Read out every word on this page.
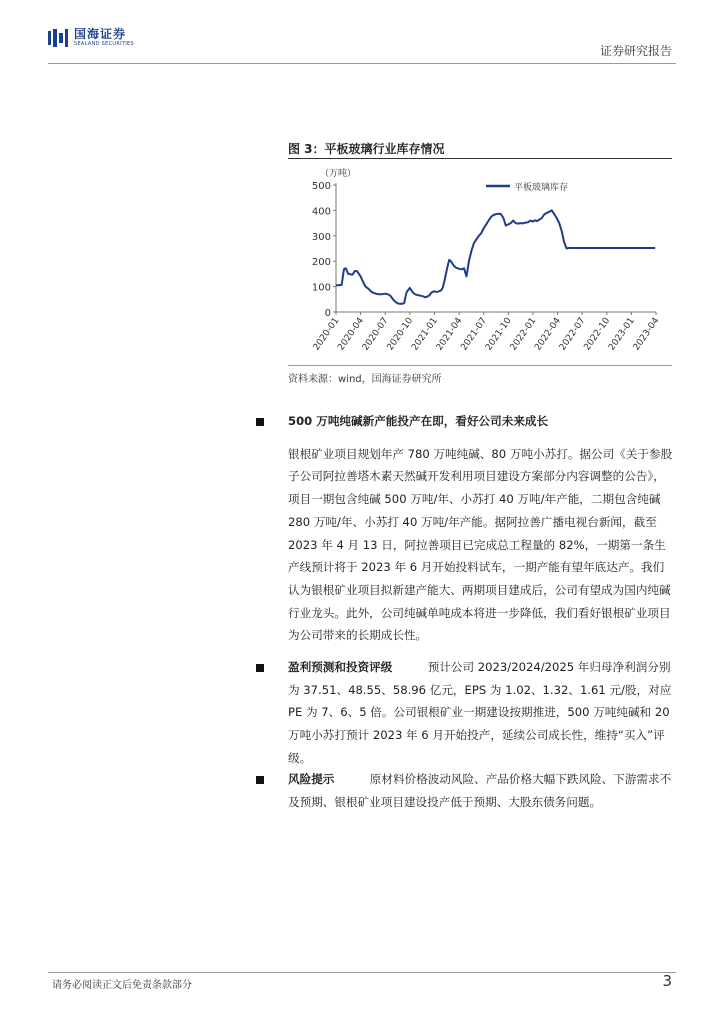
国海证券
SEALAND SECURITIES	证券研究报告
图 3：平板玻璃行业库存情况
（万吨）
0
100
200
300
400
500
2020-01
2020-04
2020-07
2020-10
2021-01
2021-04
2021-07
2021-10
2022-01
2022-04
2022-07
2022-10
2023-01
2023-04
平板玻璃库存
资料来源：wind，国海证券研究所
500 万吨纯碱新产能投产在即，看好公司未来成长
银根矿业项目规划年产 780 万吨纯碱、80 万吨小苏打。据公司《关于参股子公司阿拉善塔木素天然碱开发利用项目建设方案部分内容调整的公告》，项目一期包含纯碱 500 万吨/年、小苏打 40 万吨/年产能，二期包含纯碱 280 万吨/年、小苏打 40 万吨/年产能。据阿拉善广播电视台新闻，截至 2023 年 4 月 13 日，阿拉善项目已完成总工程量的 82%，一期第一条生产线预计将于 2023 年 6 月开始投料试车，一期产能有望年底达产。我们认为银根矿业项目拟新建产能大、两期项目建成后，公司有望成为国内纯碱行业龙头。此外，公司纯碱单吨成本将进一步降低，我们看好银根矿业项目为公司带来的长期成长性。
盈利预测和投资评级	预计公司 2023/2024/2025 年归母净利润分别为 37.51、48.55、58.96 亿元，EPS 为 1.02、1.32、1.61 元/股，对应 PE 为 7、6、5 倍。公司银根矿业一期建设按期推进，500 万吨纯碱和 20 万吨小苏打预计 2023 年 6 月开始投产，延续公司成长性，维持“买入”评级。
风险提示	原材料价格波动风险、产品价格大幅下跌风险、下游需求不及预期、银根矿业项目建设投产低于预期、大股东债务问题。
请务必阅读正文后免责条款部分	3
